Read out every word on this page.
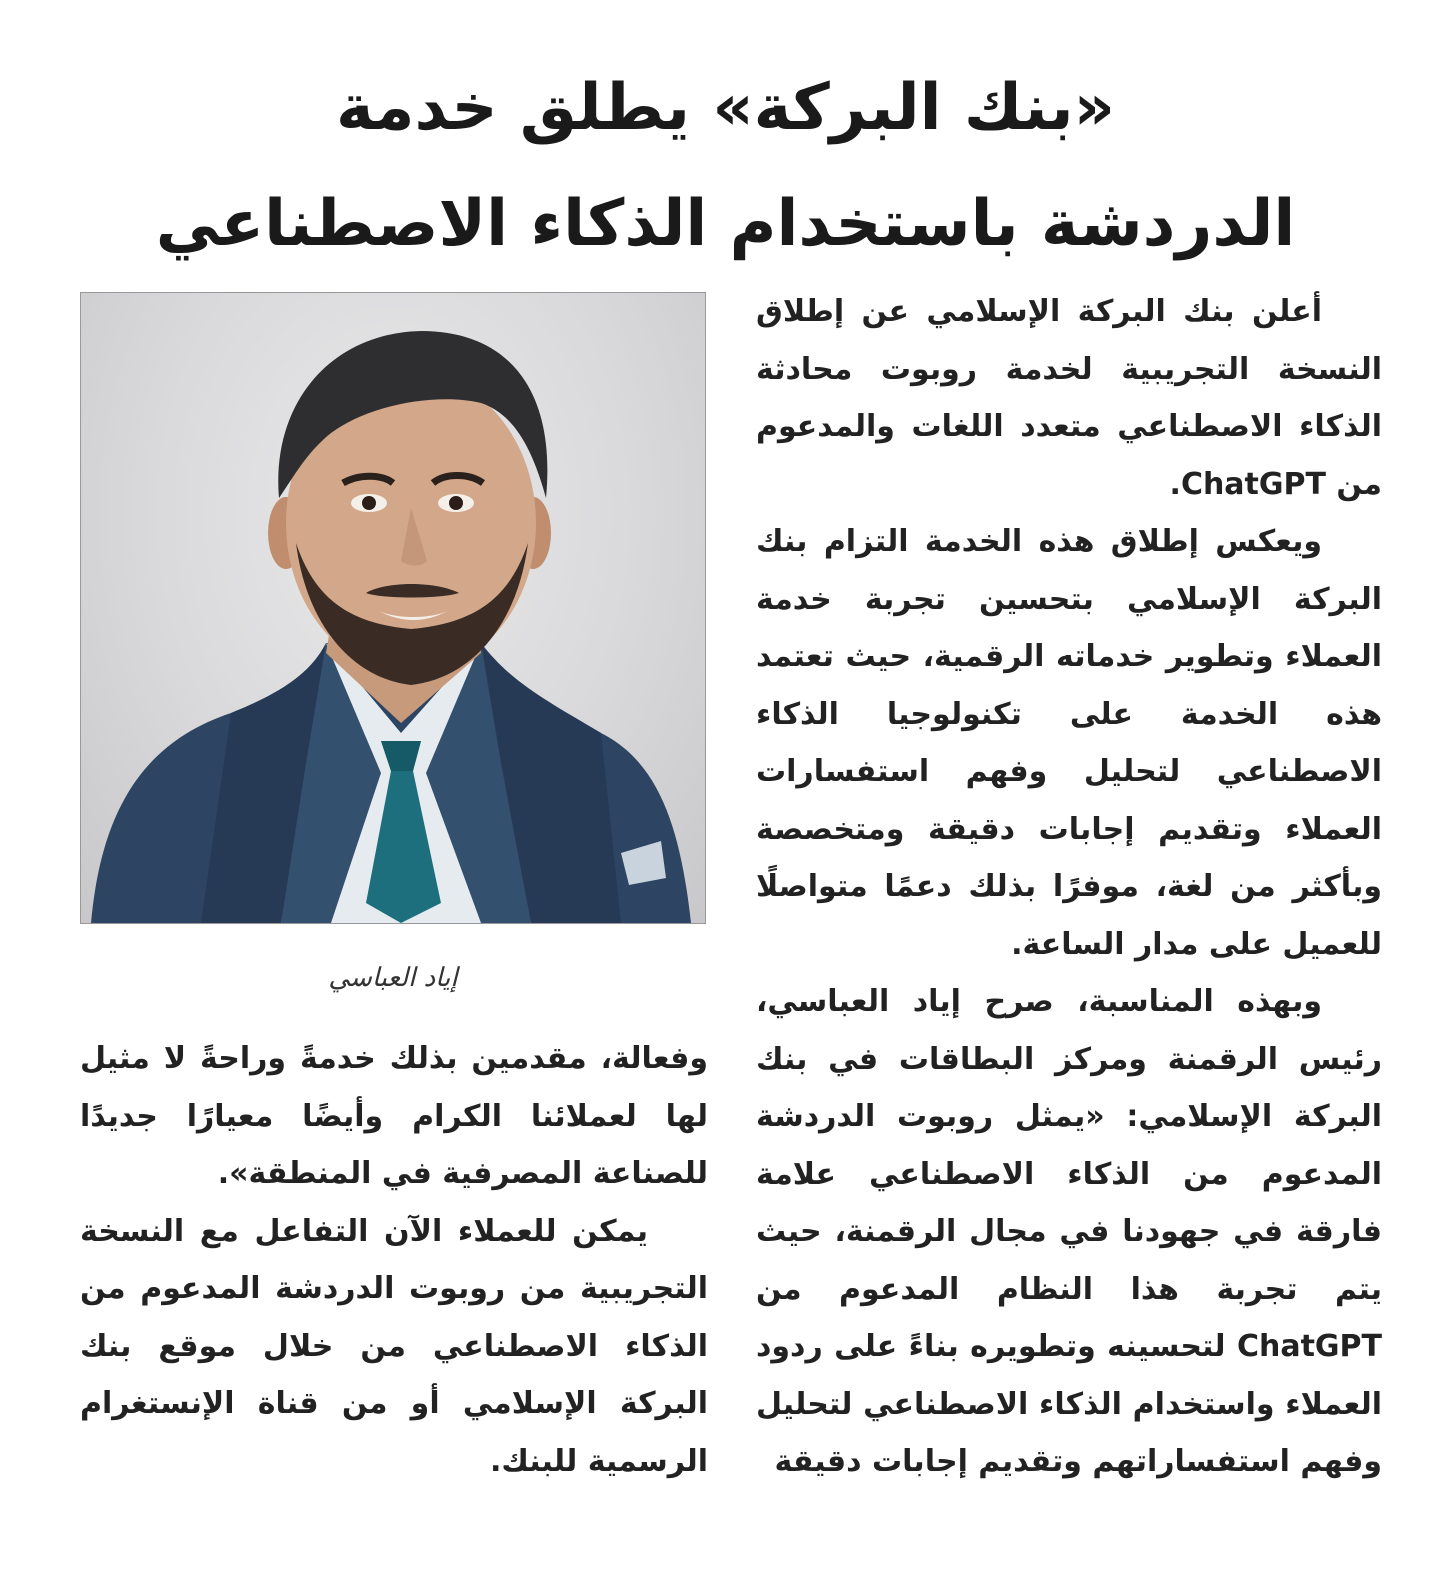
«بنك البركة» يطلق خدمة
الدردشة باستخدام الذكاء الاصطناعي

أعلن بنك البركة الإسلامي عن إطلاق النسخة التجريبية لخدمة روبوت محادثة الذكاء الاصطناعي متعدد اللغات والمدعوم من ChatGPT.

ويعكس إطلاق هذه الخدمة التزام بنك البركة الإسلامي بتحسين تجربة خدمة العملاء وتطوير خدماته الرقمية، حيث تعتمد هذه الخدمة على تكنولوجيا الذكاء الاصطناعي لتحليل وفهم استفسارات العملاء وتقديم إجابات دقيقة ومتخصصة وبأكثر من لغة، موفرًا بذلك دعمًا متواصلًا للعميل على مدار الساعة.

وبهذه المناسبة، صرح إياد العباسي، رئيس الرقمنة ومركز البطاقات في بنك البركة الإسلامي: «يمثل روبوت الدردشة المدعوم من الذكاء الاصطناعي علامة فارقة في جهودنا في مجال الرقمنة، حيث يتم تجربة هذا النظام المدعوم من ChatGPT لتحسينه وتطويره بناءً على ردود العملاء واستخدام الذكاء الاصطناعي لتحليل وفهم استفساراتهم وتقديم إجابات دقيقة

إياد العباسي

وفعالة، مقدمين بذلك خدمةً وراحةً لا مثيل لها لعملائنا الكرام وأيضًا معيارًا جديدًا للصناعة المصرفية في المنطقة».

يمكن للعملاء الآن التفاعل مع النسخة التجريبية من روبوت الدردشة المدعوم من الذكاء الاصطناعي من خلال موقع بنك البركة الإسلامي أو من قناة الإنستغرام الرسمية للبنك.
